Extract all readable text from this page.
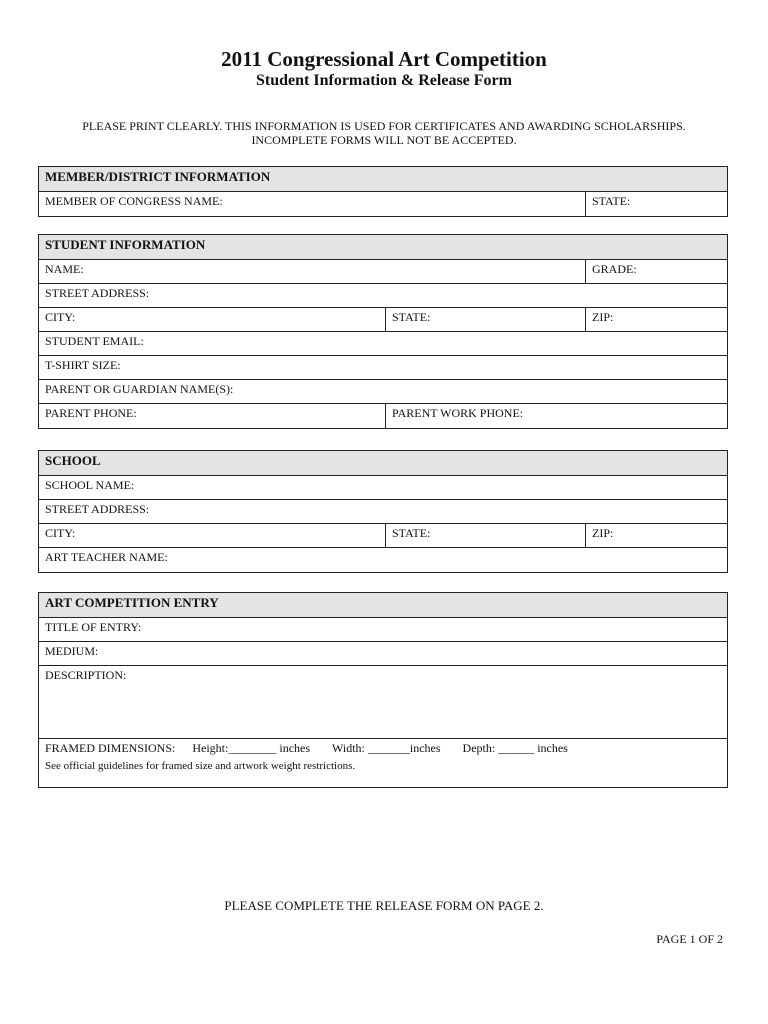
2011 Congressional Art Competition
Student Information & Release Form
PLEASE PRINT CLEARLY. THIS INFORMATION IS USED FOR CERTIFICATES AND AWARDING SCHOLARSHIPS.
INCOMPLETE FORMS WILL NOT BE ACCEPTED.
MEMBER/DISTRICT INFORMATION
MEMBER OF CONGRESS NAME:	STATE:
STUDENT INFORMATION
NAME:	GRADE:
STREET ADDRESS:
CITY:	STATE:	ZIP:
STUDENT EMAIL:
T-SHIRT SIZE:
PARENT OR GUARDIAN NAME(S):
PARENT PHONE:	PARENT WORK PHONE:
SCHOOL
SCHOOL NAME:
STREET ADDRESS:
CITY:	STATE:	ZIP:
ART TEACHER NAME:
ART COMPETITION ENTRY
TITLE OF ENTRY:
MEDIUM:
DESCRIPTION:
FRAMED DIMENSIONS: Height:________ inches Width: _______inches Depth: ______ inches
See official guidelines for framed size and artwork weight restrictions.
PLEASE COMPLETE THE RELEASE FORM ON PAGE 2.
PAGE 1 OF 2
